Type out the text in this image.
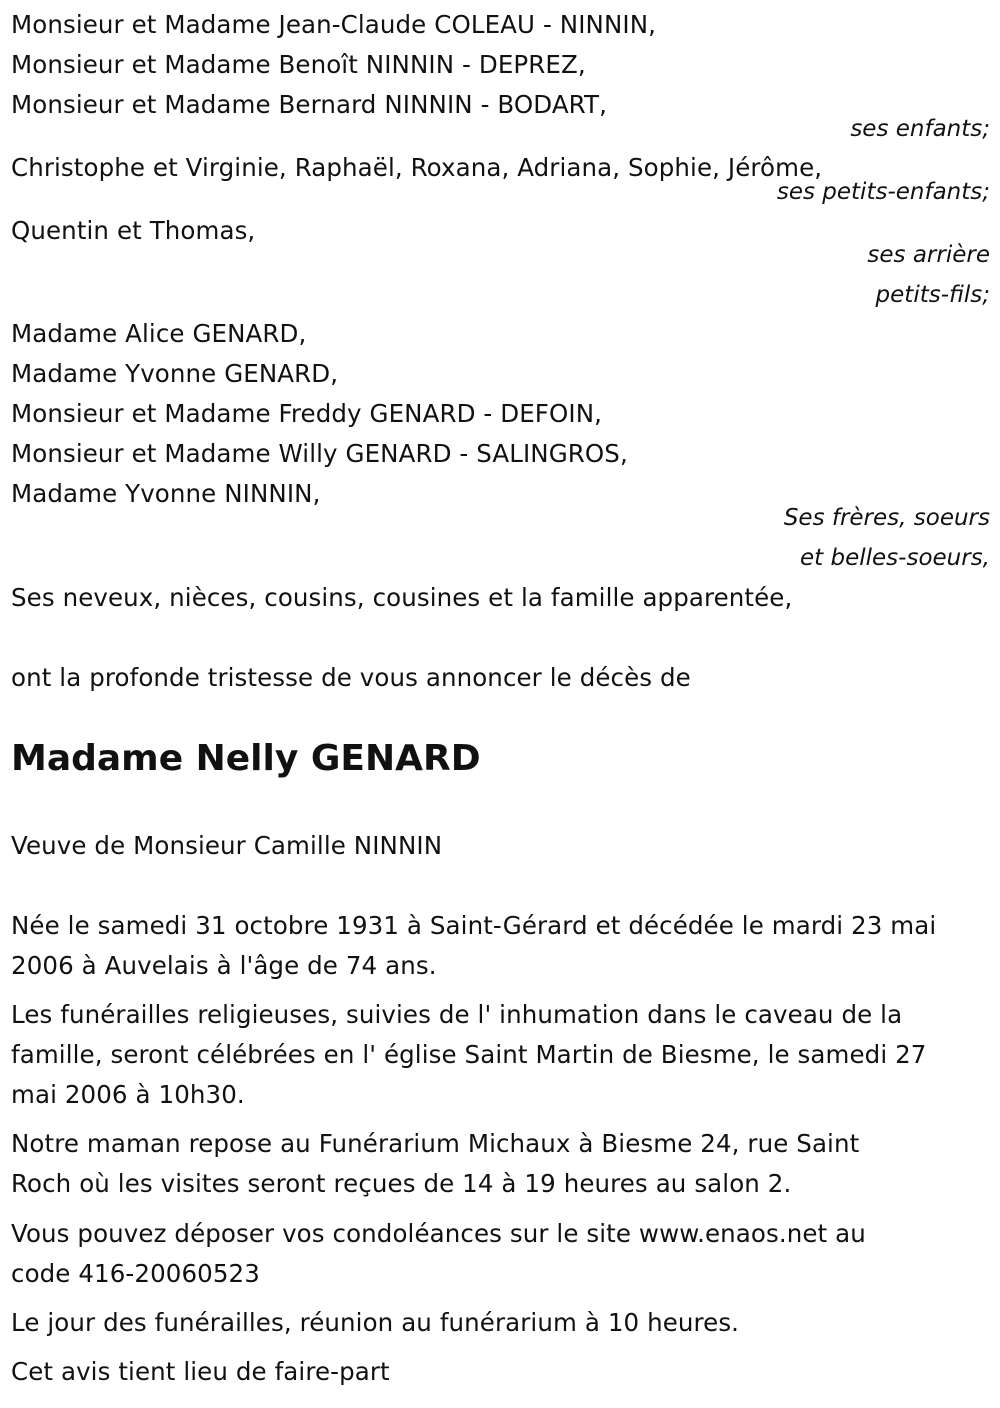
Monsieur et Madame Jean-Claude COLEAU - NINNIN,
Monsieur et Madame Benoît NINNIN - DEPREZ,
Monsieur et Madame Bernard NINNIN - BODART,
ses enfants;
Christophe et Virginie, Raphaël, Roxana, Adriana, Sophie, Jérôme,
ses petits-enfants;
Quentin et Thomas,
ses arrière
petits-fils;
Madame Alice GENARD,
Madame Yvonne GENARD,
Monsieur et Madame Freddy GENARD - DEFOIN,
Monsieur et Madame Willy GENARD - SALINGROS,
Madame Yvonne NINNIN,
Ses frères, soeurs
et belles-soeurs,
Ses neveux, nièces, cousins, cousines et la famille apparentée,
ont la profonde tristesse de vous annoncer le décès de
Madame Nelly GENARD
Veuve de Monsieur Camille NINNIN
Née le samedi 31 octobre 1931 à Saint-Gérard et décédée le mardi 23 mai
2006 à Auvelais à l'âge de 74 ans.
Les funérailles religieuses, suivies de l' inhumation dans le caveau de la
famille, seront célébrées en l' église Saint Martin de Biesme, le samedi 27
mai 2006 à 10h30.
Notre maman repose au Funérarium Michaux à Biesme 24, rue Saint
Roch où les visites seront reçues de 14 à 19 heures au salon 2.
Vous pouvez déposer vos condoléances sur le site www.enaos.net au
code 416-20060523
Le jour des funérailles, réunion au funérarium à 10 heures.
Cet avis tient lieu de faire-part
